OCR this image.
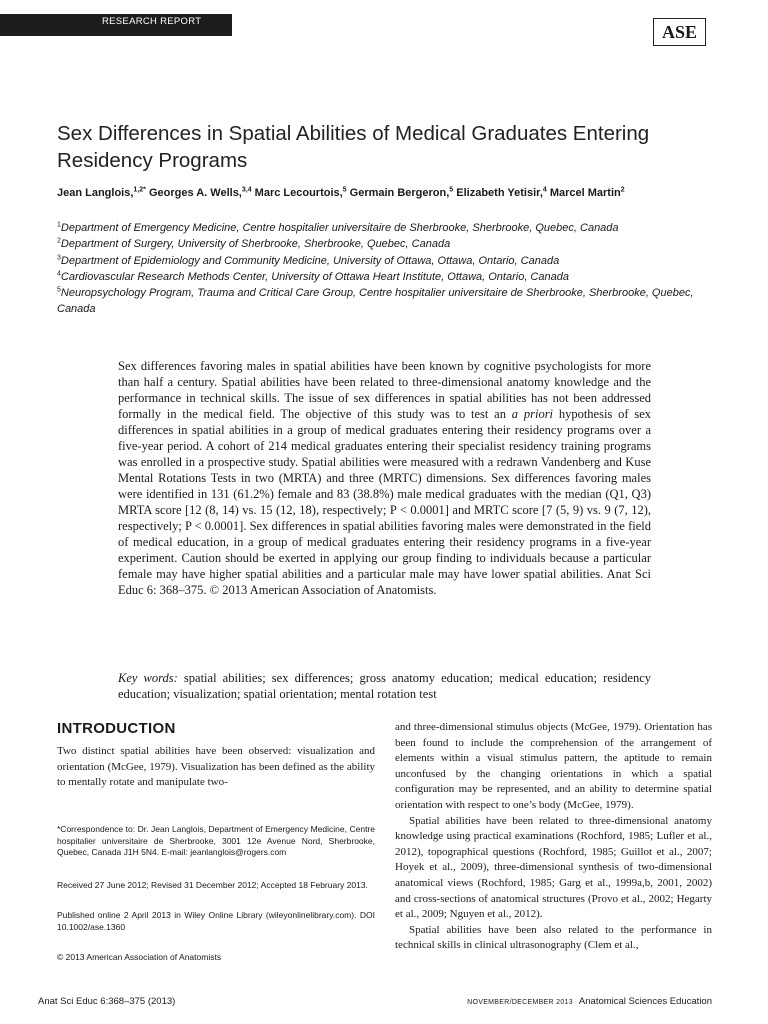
RESEARCH REPORT	ASE
Sex Differences in Spatial Abilities of Medical Graduates Entering Residency Programs
Jean Langlois,$^{1,2*}$ Georges A. Wells,$^{3,4}$ Marc Lecourtois,$^5$ Germain Bergeron,$^5$ Elizabeth Yetisir,$^4$ Marcel Martin$^2$
$^1$Department of Emergency Medicine, Centre hospitalier universitaire de Sherbrooke, Sherbrooke, Quebec, Canada
$^2$Department of Surgery, University of Sherbrooke, Sherbrooke, Quebec, Canada
$^3$Department of Epidemiology and Community Medicine, University of Ottawa, Ottawa, Ontario, Canada
$^4$Cardiovascular Research Methods Center, University of Ottawa Heart Institute, Ottawa, Ontario, Canada
$^5$Neuropsychology Program, Trauma and Critical Care Group, Centre hospitalier universitaire de Sherbrooke, Sherbrooke, Quebec, Canada
Sex differences favoring males in spatial abilities have been known by cognitive psychologists for more than half a century. Spatial abilities have been related to three-dimensional anatomy knowledge and the performance in technical skills. The issue of sex differences in spatial abilities has not been addressed formally in the medical field. The objective of this study was to test an a priori hypothesis of sex differences in spatial abilities in a group of medical graduates entering their residency programs over a five-year period. A cohort of 214 medical graduates entering their specialist residency training programs was enrolled in a prospective study. Spatial abilities were measured with a redrawn Vandenberg and Kuse Mental Rotations Tests in two (MRTA) and three (MRTC) dimensions. Sex differences favoring males were identified in 131 (61.2%) female and 83 (38.8%) male medical graduates with the median (Q1, Q3) MRTA score [12 (8, 14) vs. 15 (12, 18), respectively; P < 0.0001] and MRTC score [7 (5, 9) vs. 9 (7, 12), respectively; P < 0.0001]. Sex differences in spatial abilities favoring males were demonstrated in the field of medical education, in a group of medical graduates entering their residency programs in a five-year experiment. Caution should be exerted in applying our group finding to individuals because a particular female may have higher spatial abilities and a particular male may have lower spatial abilities. Anat Sci Educ 6: 368–375. © 2013 American Association of Anatomists.
Key words: spatial abilities; sex differences; gross anatomy education; medical education; residency education; visualization; spatial orientation; mental rotation test
INTRODUCTION
Two distinct spatial abilities have been observed: visualization and orientation (McGee, 1979). Visualization has been defined as the ability to mentally rotate and manipulate two-
*Correspondence to: Dr. Jean Langlois, Department of Emergency Medicine, Centre hospitalier universitaire de Sherbrooke, 3001 12e Avenue Nord, Sherbrooke, Quebec, Canada J1H 5N4. E-mail: jeanlanglois@rogers.com
Received 27 June 2012; Revised 31 December 2012; Accepted 18 February 2013.
Published online 2 April 2013 in Wiley Online Library (wileyonlinelibrary.com). DOI 10.1002/ase.1360
© 2013 American Association of Anatomists

and three-dimensional stimulus objects (McGee, 1979). Orientation has been found to include the comprehension of the arrangement of elements within a visual stimulus pattern, the aptitude to remain unconfused by the changing orientations in which a spatial configuration may be represented, and an ability to determine spatial orientation with respect to one’s body (McGee, 1979).

Spatial abilities have been related to three-dimensional anatomy knowledge using practical examinations (Rochford, 1985; Lufler et al., 2012), topographical questions (Rochford, 1985; Guillot et al., 2007; Hoyek et al., 2009), three-dimensional synthesis of two-dimensional anatomical views (Rochford, 1985; Garg et al., 1999a,b, 2001, 2002) and cross-sections of anatomical structures (Provo et al., 2002; Hegarty et al., 2009; Nguyen et al., 2012).

Spatial abilities have been also related to the performance in technical skills in clinical ultrasonography (Clem et al.,

Anat Sci Educ 6:368–375 (2013)	NOVEMBER/DECEMBER 2013 Anatomical Sciences Education
